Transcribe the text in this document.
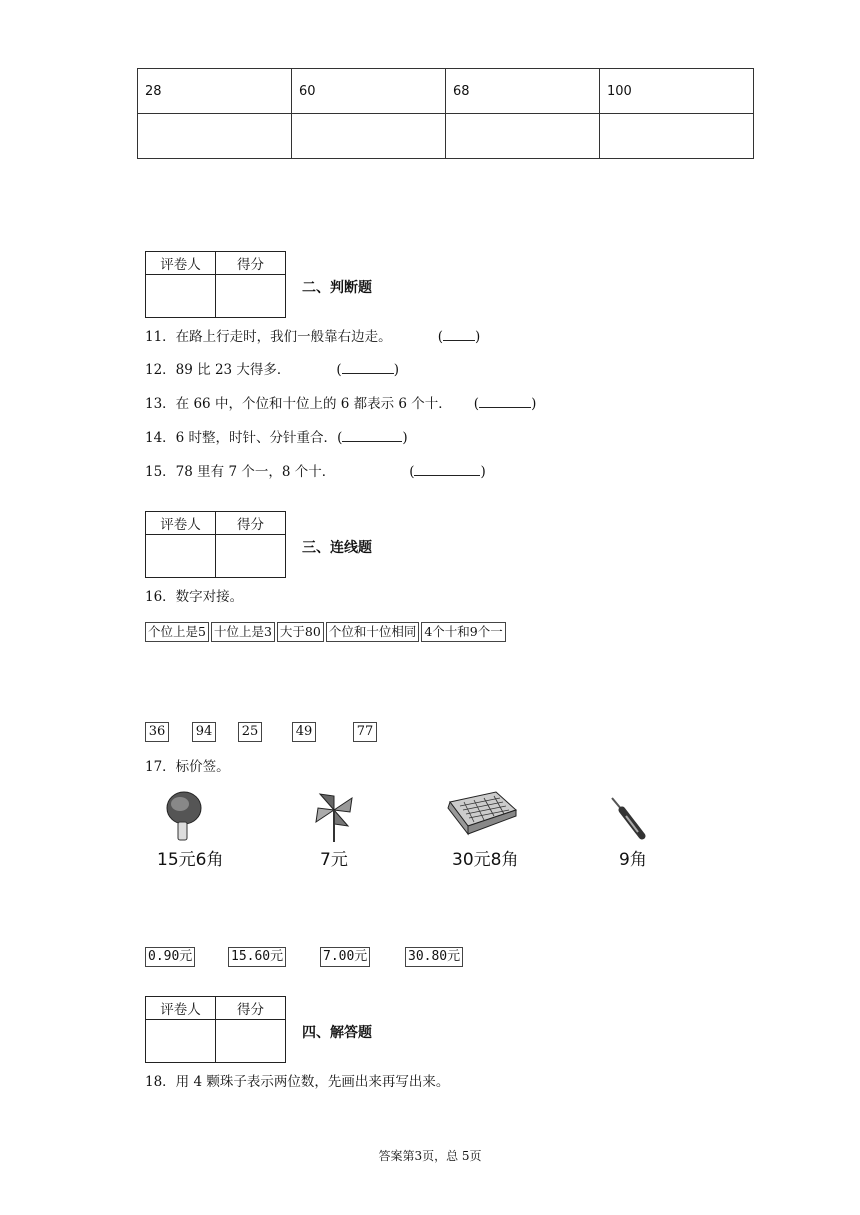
28	60	68	100

评卷人	得分

二、判断题
11．在路上行走时，我们一般靠右边走。	( )
12．89 比 23 大得多．	(	)
13．在 66 中，个位和十位上的 6 都表示 6 个十． (	)
14．6 时整，时针、分针重合．(	)
15．78 里有 7 个一，8 个十．	(	)
评卷人	得分

三、连线题
16．数字对接。
个位上是5 十位上是3 大于80 个位和十位相同 4个十和9个一
36 94 25	49	77
17．标价签。
15元6角	7元	30元8角	9角
0.90元	15.60元	7.00元	30.80元
评卷人	得分

四、解答题
18．用 4 颗珠子表示两位数，先画出来再写出来。
答案第3页，总 5页
